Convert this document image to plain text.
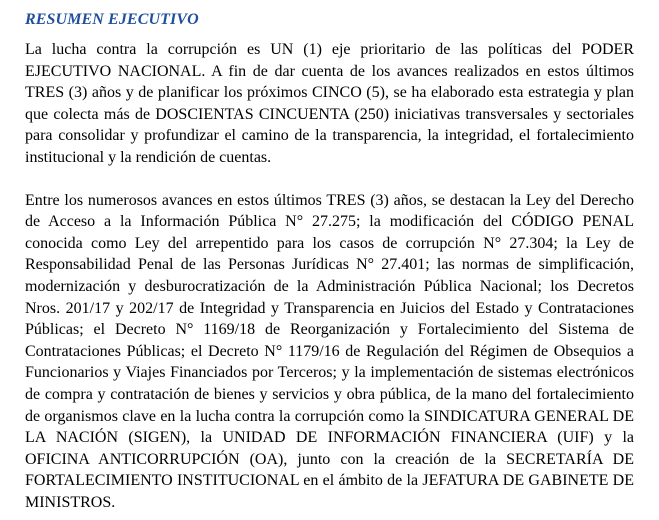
RESUMEN EJECUTIVO

La lucha contra la corrupción es UN (1) eje prioritario de las políticas del PODER EJECUTIVO NACIONAL. A fin de dar cuenta de los avances realizados en estos últimos TRES (3) años y de planificar los próximos CINCO (5), se ha elaborado esta estrategia y plan que colecta más de DOSCIENTAS CINCUENTA (250) iniciativas transversales y sectoriales para consolidar y profundizar el camino de la transparencia, la integridad, el fortalecimiento institucional y la rendición de cuentas.

Entre los numerosos avances en estos últimos TRES (3) años, se destacan la Ley del Derecho de Acceso a la Información Pública N° 27.275; la modificación del CÓDIGO PENAL conocida como Ley del arrepentido para los casos de corrupción N° 27.304; la Ley de Responsabilidad Penal de las Personas Jurídicas N° 27.401; las normas de simplificación, modernización y desburocratización de la Administración Pública Nacional; los Decretos Nros. 201/17 y 202/17 de Integridad y Transparencia en Juicios del Estado y Contrataciones Públicas; el Decreto N° 1169/18 de Reorganización y Fortalecimiento del Sistema de Contrataciones Públicas; el Decreto N° 1179/16 de Regulación del Régimen de Obsequios a Funcionarios y Viajes Financiados por Terceros; y la implementación de sistemas electrónicos de compra y contratación de bienes y servicios y obra pública, de la mano del fortalecimiento de organismos clave en la lucha contra la corrupción como la SINDICATURA GENERAL DE LA NACIÓN (SIGEN), la UNIDAD DE INFORMACIÓN FINANCIERA (UIF) y la OFICINA ANTICORRUPCIÓN (OA), junto con la creación de la SECRETARÍA DE FORTALECIMIENTO INSTITUCIONAL en el ámbito de la JEFATURA DE GABINETE DE MINISTROS.
